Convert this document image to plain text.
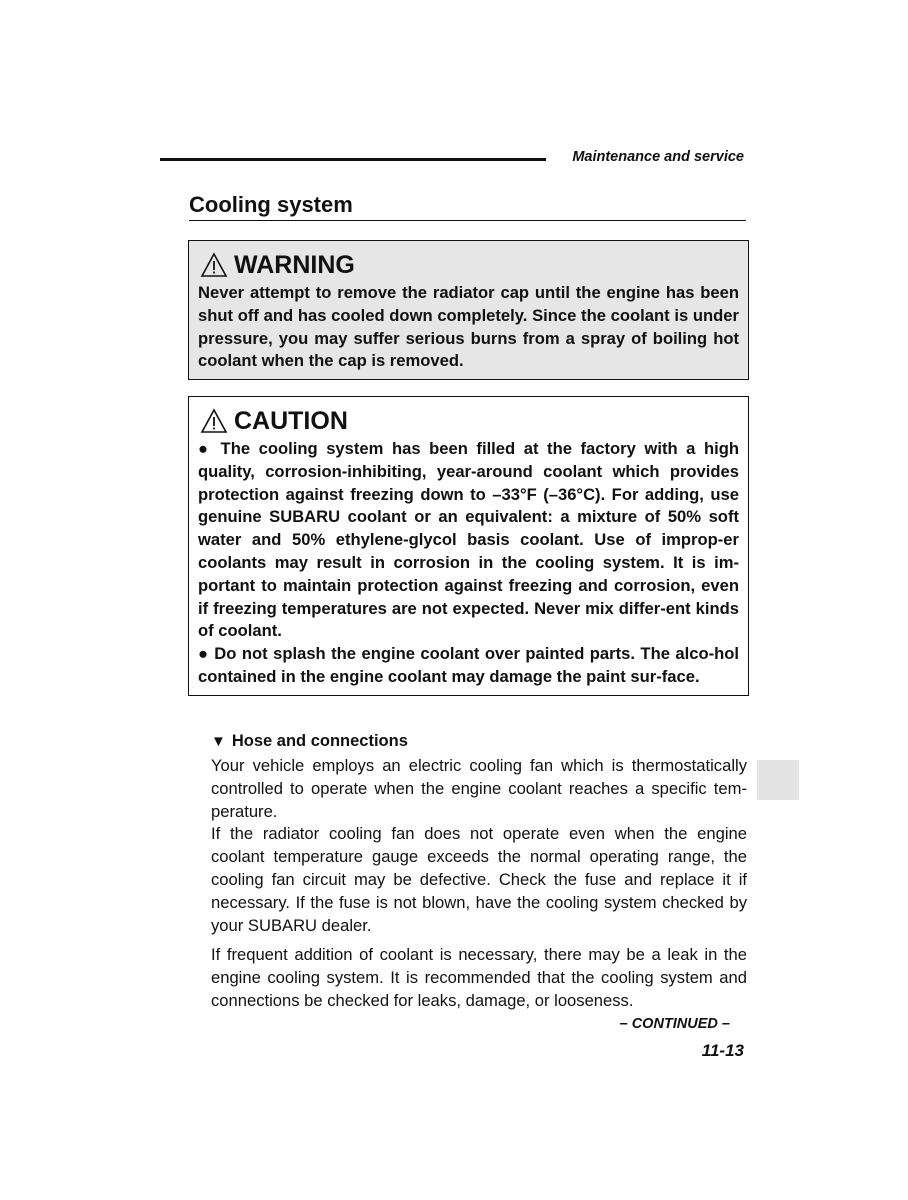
Maintenance and service
Cooling system
WARNING

Never attempt to remove the radiator cap until the engine has been shut off and has cooled down completely. Since the coolant is under pressure, you may suffer serious burns from a spray of boiling hot coolant when the cap is removed.

CAUTION

● The cooling system has been filled at the factory with a high quality, corrosion-inhibiting, year-around coolant which provides protection against freezing down to –33°F (–36°C). For adding, use genuine SUBARU coolant or an equivalent: a mixture of 50% soft water and 50% ethylene-glycol basis coolant. Use of improp-er coolants may result in corrosion in the cooling system. It is im-portant to maintain protection against freezing and corrosion, even if freezing temperatures are not expected. Never mix differ-ent kinds of coolant.

● Do not splash the engine coolant over painted parts. The alco-hol contained in the engine coolant may damage the paint sur-face.

▼ Hose and connections

Your vehicle employs an electric cooling fan which is thermostatically controlled to operate when the engine coolant reaches a specific tem-perature.

If the radiator cooling fan does not operate even when the engine coolant temperature gauge exceeds the normal operating range, the cooling fan circuit may be defective. Check the fuse and replace it if necessary. If the fuse is not blown, have the cooling system checked by your SUBARU dealer.

If frequent addition of coolant is necessary, there may be a leak in the engine cooling system. It is recommended that the cooling system and connections be checked for leaks, damage, or looseness.

– CONTINUED –
11-13
